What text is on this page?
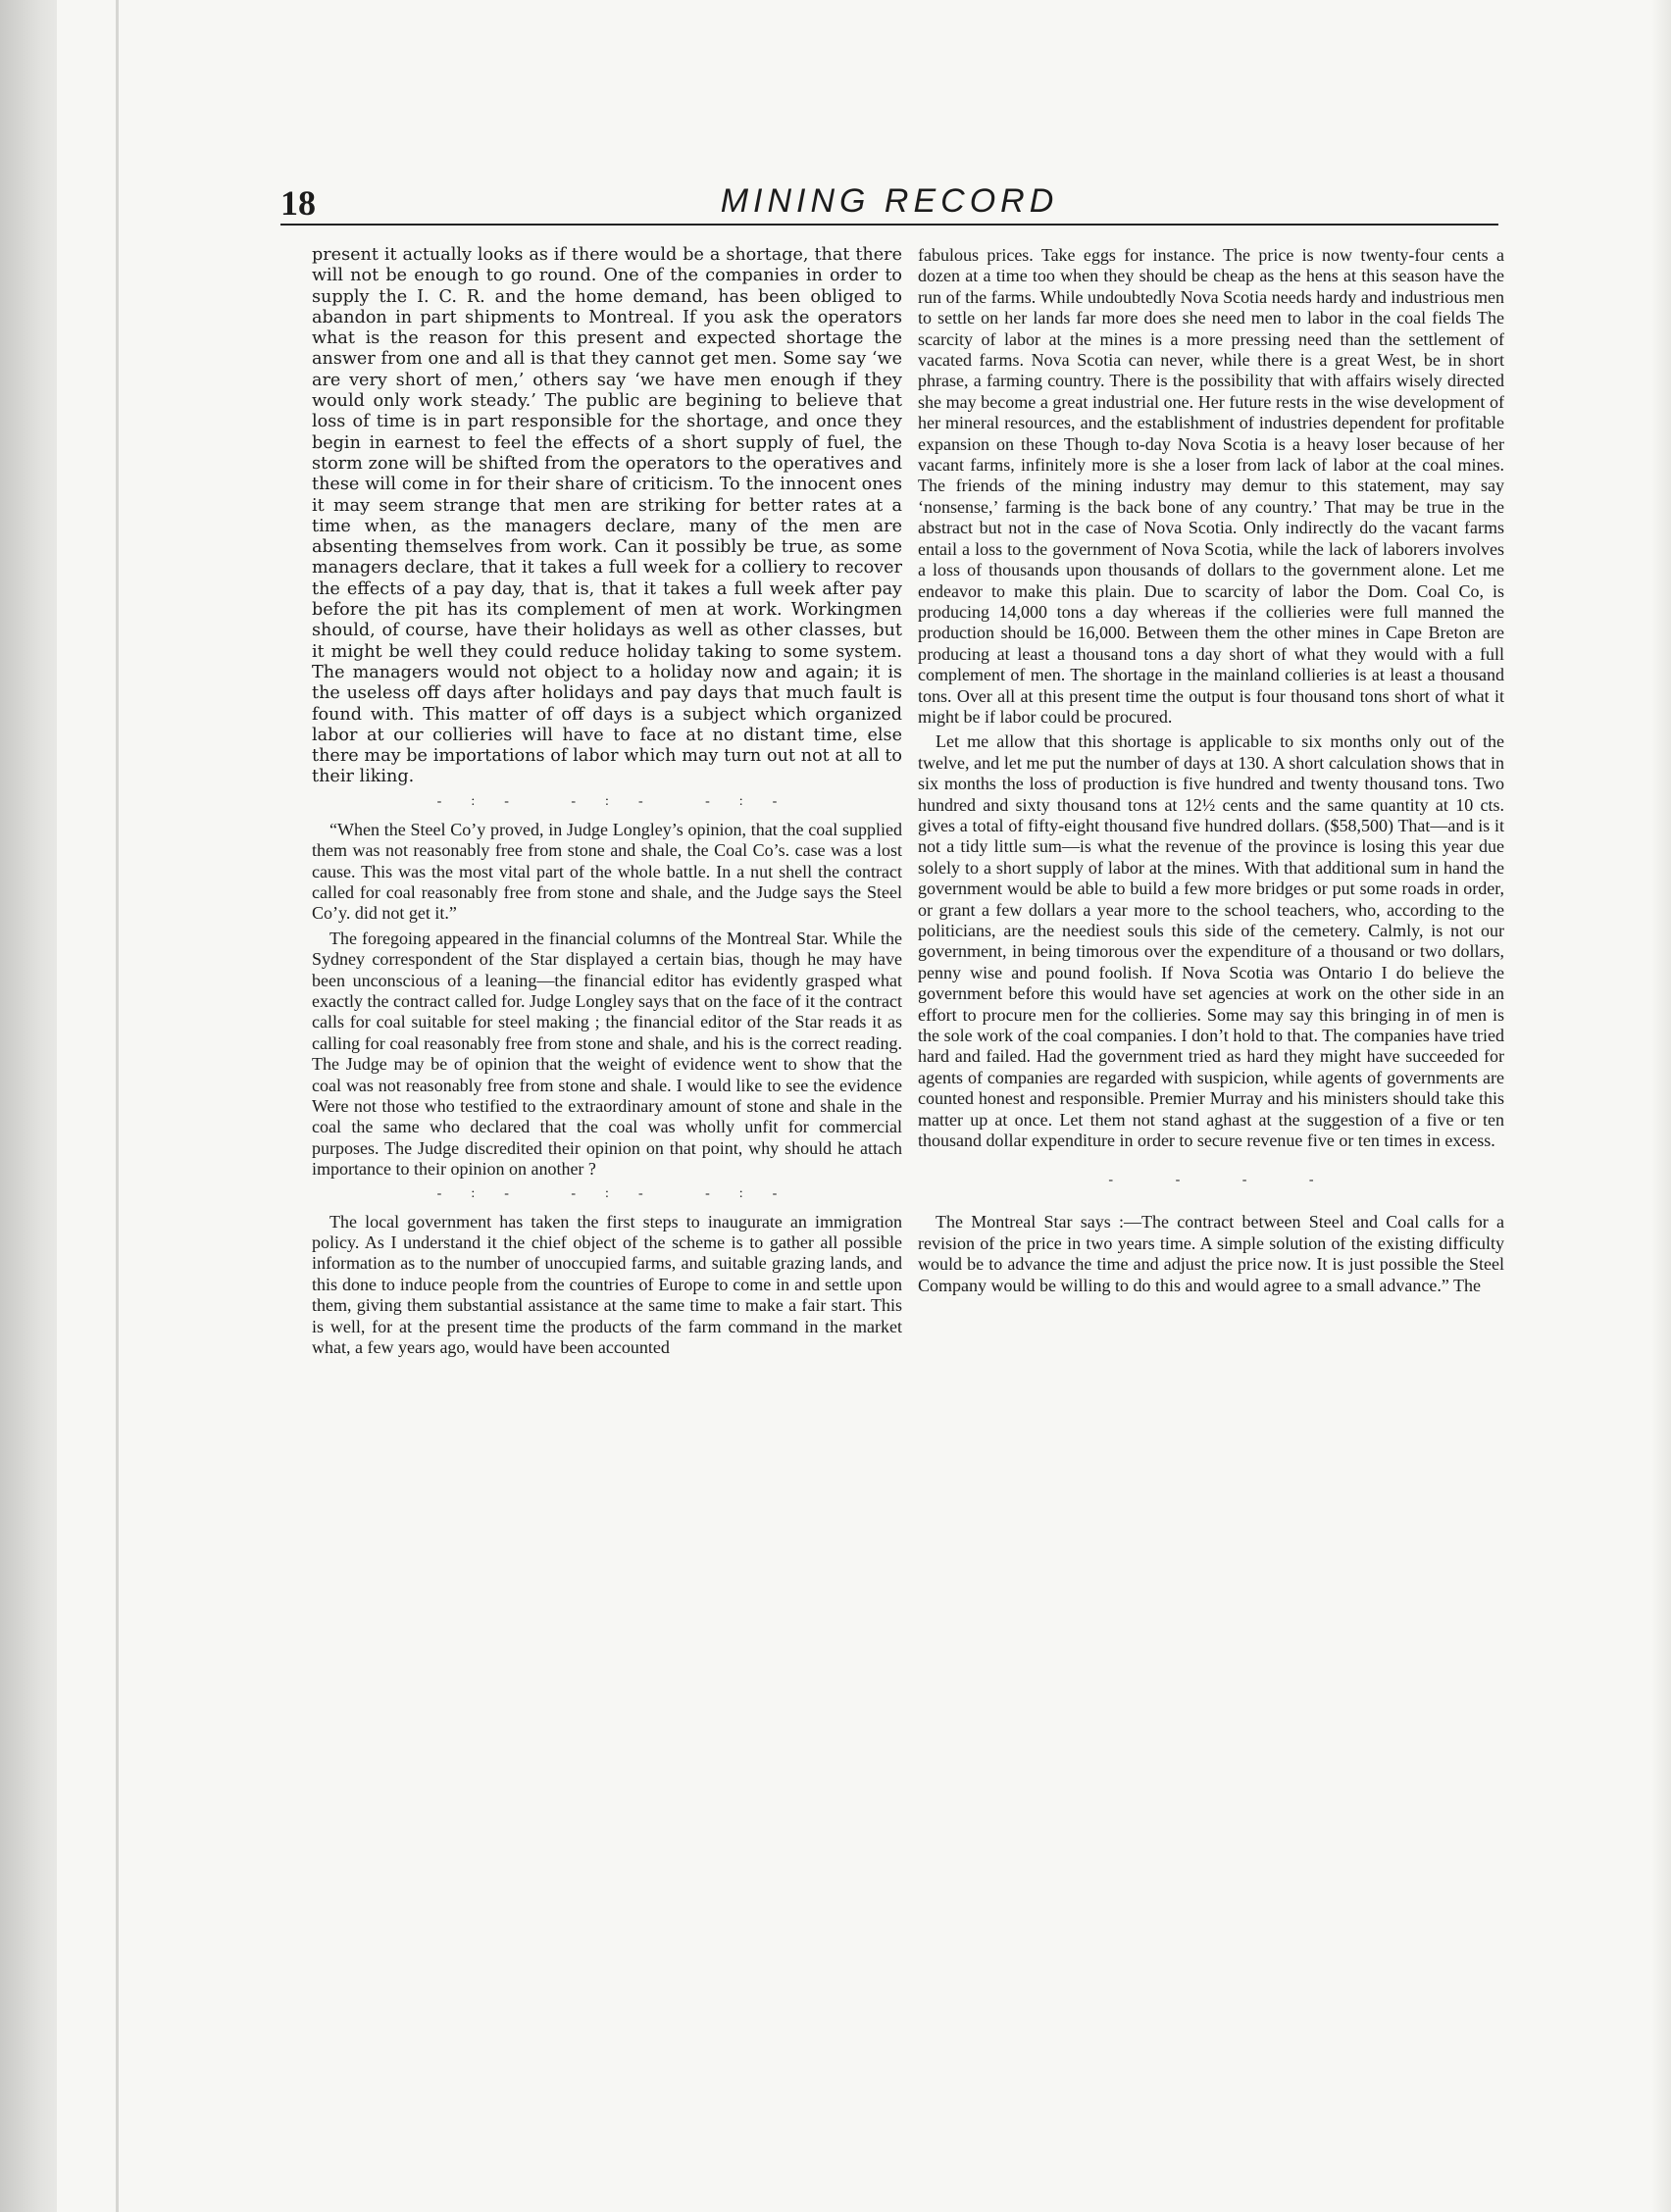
18	MINING RECORD

present it actually looks as if there would be a shortage, that there will not be enough to go round. One of the companies in order to supply the I. C. R. and the home demand, has been obliged to abandon in part shipments to Montreal. If you ask the operators what is the reason for this present and expected shortage the answer from one and all is that they cannot get men. Some say ‘we are very short of men,’ others say ‘we have men enough if they would only work steady.’ The public are begining to believe that loss of time is in part responsible for the shortage, and once they begin in earnest to feel the effects of a short supply of fuel, the storm zone will be shifted from the operators to the operatives and these will come in for their share of criticism. To the innocent ones it may seem strange that men are striking for better rates at a time when, as the managers declare, many of the men are absenting themselves from work. Can it possibly be true, as some managers declare, that it takes a full week for a colliery to recover the effects of a pay day, that is, that it takes a full week after pay before the pit has its complement of men at work. Workingmen should, of course, have their holidays as well as other classes, but it might be well they could reduce holiday taking to some system. The managers would not object to a holiday now and again; it is the useless off days after holidays and pay days that much fault is found with. This matter of off days is a subject which organized labor at our collieries will have to face at no distant time, else there may be importations of labor which may turn out not at all to their liking.

-:- -:- -:-

“When the Steel Co’y proved, in Judge Longley’s opinion, that the coal supplied them was not reasonably free from stone and shale, the Coal Co’s. case was a lost cause. This was the most vital part of the whole battle. In a nut shell the contract called for coal reasonably free from stone and shale, and the Judge says the Steel Co’y. did not get it.”

The foregoing appeared in the financial columns of the Montreal Star. While the Sydney correspondent of the Star displayed a certain bias, though he may have been unconscious of a leaning—the financial editor has evidently grasped what exactly the contract called for. Judge Longley says that on the face of it the contract calls for coal suitable for steel making ; the financial editor of the Star reads it as calling for coal reasonably free from stone and shale, and his is the correct reading. The Judge may be of opinion that the weight of evidence went to show that the coal was not reasonably free from stone and shale. I would like to see the evidence Were not those who testified to the extraordinary amount of stone and shale in the coal the same who declared that the coal was wholly unfit for commercial purposes. The Judge discredited their opinion on that point, why should he attach importance to their opinion on another ?

-:- -:- -:-

The local government has taken the first steps to inaugurate an immigration policy. As I understand it the chief object of the scheme is to gather all possible information as to the number of unoccupied farms, and suitable grazing lands, and this done to induce people from the countries of Europe to come in and settle upon them, giving them substantial assistance at the same time to make a fair start. This is well, for at the present time the products of the farm command in the market what, a few years ago, would have been accounted

fabulous prices. Take eggs for instance. The price is now twenty-four cents a dozen at a time too when they should be cheap as the hens at this season have the run of the farms. While undoubtedly Nova Scotia needs hardy and industrious men to settle on her lands far more does she need men to labor in the coal fields The scarcity of labor at the mines is a more pressing need than the settlement of vacated farms. Nova Scotia can never, while there is a great West, be in short phrase, a farming country. There is the possibility that with affairs wisely directed she may become a great industrial one. Her future rests in the wise development of her mineral resources, and the establishment of industries dependent for profitable expansion on these Though to-day Nova Scotia is a heavy loser because of her vacant farms, infinitely more is she a loser from lack of labor at the coal mines. The friends of the mining industry may demur to this statement, may say ‘nonsense,’ farming is the back bone of any country.’ That may be true in the abstract but not in the case of Nova Scotia. Only indirectly do the vacant farms entail a loss to the government of Nova Scotia, while the lack of laborers involves a loss of thousands upon thousands of dollars to the government alone. Let me endeavor to make this plain. Due to scarcity of labor the Dom. Coal Co, is producing 14,000 tons a day whereas if the collieries were full manned the production should be 16,000. Between them the other mines in Cape Breton are producing at least a thousand tons a day short of what they would with a full complement of men. The shortage in the mainland collieries is at least a thousand tons. Over all at this present time the output is four thousand tons short of what it might be if labor could be procured.

Let me allow that this shortage is applicable to six months only out of the twelve, and let me put the number of days at 130. A short calculation shows that in six months the loss of production is five hundred and twenty thousand tons. Two hundred and sixty thousand tons at 12½ cents and the same quantity at 10 cts. gives a total of fifty-eight thousand five hundred dollars. ($58,500) That—and is it not a tidy little sum—is what the revenue of the province is losing this year due solely to a short supply of labor at the mines. With that additional sum in hand the government would be able to build a few more bridges or put some roads in order, or grant a few dollars a year more to the school teachers, who, according to the politicians, are the neediest souls this side of the cemetery. Calmly, is not our government, in being timorous over the expenditure of a thousand or two dollars, penny wise and pound foolish. If Nova Scotia was Ontario I do believe the government before this would have set agencies at work on the other side in an effort to procure men for the collieries. Some may say this bringing in of men is the sole work of the coal companies. I don’t hold to that. The companies have tried hard and failed. Had the government tried as hard they might have succeeded for agents of companies are regarded with suspicion, while agents of governments are counted honest and responsible. Premier Murray and his ministers should take this matter up at once. Let them not stand aghast at the suggestion of a five or ten thousand dollar expenditure in order to secure revenue five or ten times in excess.

- - - -

The Montreal Star says :—The contract between Steel and Coal calls for a revision of the price in two years time. A simple solution of the existing difficulty would be to advance the time and adjust the price now. It is just possible the Steel Company would be willing to do this and would agree to a small advance.” The
